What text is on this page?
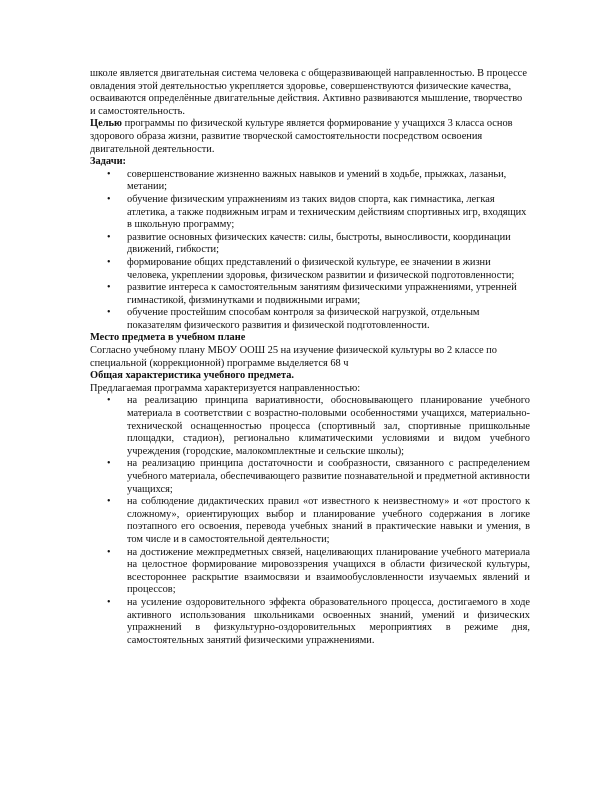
школе является двигательная система человека с общеразвивающей направленностью. В процессе овладения этой деятельностью укрепляется здоровье, совершенствуются физические качества, осваиваются определённые двигательные действия. Активно развиваются мышление, творчество и самостоятельность.

Целью программы по физической культуре является формирование у учащихся 3 класса основ здорового образа жизни, развитие творческой самостоятельности посредством освоения двигательной деятельности.

Задачи:

• совершенствование жизненно важных навыков и умений в ходьбе, прыжках, лазаньи, метании;
• обучение физическим упражнениям из таких видов спорта, как гимнастика, легкая атлетика, а также подвижным играм и техническим действиям спортивных игр, входящих в школьную программу;
• развитие основных физических качеств: силы, быстроты, выносливости, координации движений, гибкости;
• формирование общих представлений о физической культуре, ее значении в жизни человека, укреплении здоровья, физическом развитии и физической подготовленности;
• развитие интереса к самостоятельным занятиям физическими упражнениями, утренней гимнастикой, физминутками и подвижными играми;
• обучение простейшим способам контроля за физической нагрузкой, отдельным показателям физического развития и физической подготовленности.

Место предмета в учебном плане

Согласно учебному плану МБОУ ООШ 25 на изучение физической культуры во 2 классе по специальной (коррекционной) программе выделяется 68 ч

Общая характеристика учебного предмета.

Предлагаемая программа характеризуется направленностью:

• на реализацию принципа вариативности, обосновывающего планирование учебного материала в соответствии с возрастно-половыми особенностями учащихся, материально-технической оснащенностью процесса (спортивный зал, спортивные пришкольные площадки, стадион), регионально климатическими условиями и видом учебного учреждения (городские, малокомплектные и сельские школы);
• на реализацию принципа достаточности и сообразности, связанного с распределением учебного материала, обеспечивающего развитие познавательной и предметной активности учащихся;
• на соблюдение дидактических правил «от известного к неизвестному» и «от простого к сложному», ориентирующих выбор и планирование учебного содержания в логике поэтапного его освоения, перевода учебных знаний в практические навыки и умения, в том числе и в самостоятельной деятельности;
• на достижение межпредметных связей, нацеливающих планирование учебного материала на целостное формирование мировоззрения учащихся в области физической культуры, всестороннее раскрытие взаимосвязи и взаимообусловленности изучаемых явлений и процессов;
• на усиление оздоровительного эффекта образовательного процесса, достигаемого в ходе активного использования школьниками освоенных знаний, умений и физических упражнений в физкультурно-оздоровительных мероприятиях в режиме дня, самостоятельных занятий физическими упражнениями.
